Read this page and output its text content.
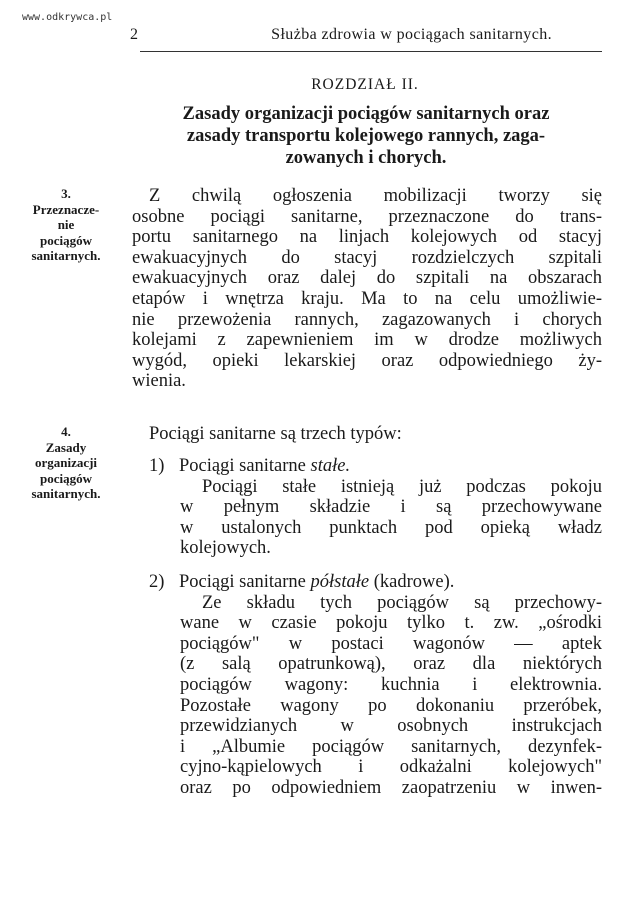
www.odkrywca.pl
2	Służba zdrowia w pociągach sanitarnych.
ROZDZIAŁ II.
Zasady organizacji pociągów sanitarnych oraz
zasady transportu kolejowego rannych, zaga-
zowanych i chorych.
3.
Przeznacze-
nie
pociągów
sanitarnych.
Z chwilą ogłoszenia mobilizacji tworzy się
osobne pociągi sanitarne, przeznaczone do trans-
portu sanitarnego na linjach kolejowych od stacyj
ewakuacyjnych do stacyj rozdzielczych szpitali
ewakuacyjnych oraz dalej do szpitali na obszarach
etapów i wnętrza kraju. Ma to na celu umożliwie-
nie przewożenia rannych, zagazowanych i chorych
kolejami z zapewnieniem im w drodze możliwych
wygód, opieki lekarskiej oraz odpowiedniego ży-
wienia.
4.
Zasady
organizacji
pociągów
sanitarnych.
Pociągi sanitarne są trzech typów:
1) Pociągi sanitarne stałe.
Pociągi stałe istnieją już podczas pokoju
w pełnym składzie i są przechowywane
w ustalonych punktach pod opieką władz
kolejowych.
2) Pociągi sanitarne półstałe (kadrowe).
Ze składu tych pociągów są przechowy-
wane w czasie pokoju tylko t. zw. „ośrodki
pociągów" w postaci wagonów — aptek
(z salą opatrunkową), oraz dla niektórych
pociągów wagony: kuchnia i elektrownia.
Pozostałe wagony po dokonaniu przeróbek,
przewidzianych w osobnych instrukcjach
i „Albumie pociągów sanitarnych, dezynfek-
cyjno-kąpielowych i odkażalni kolejowych"
oraz po odpowiedniem zaopatrzeniu w inwen-
